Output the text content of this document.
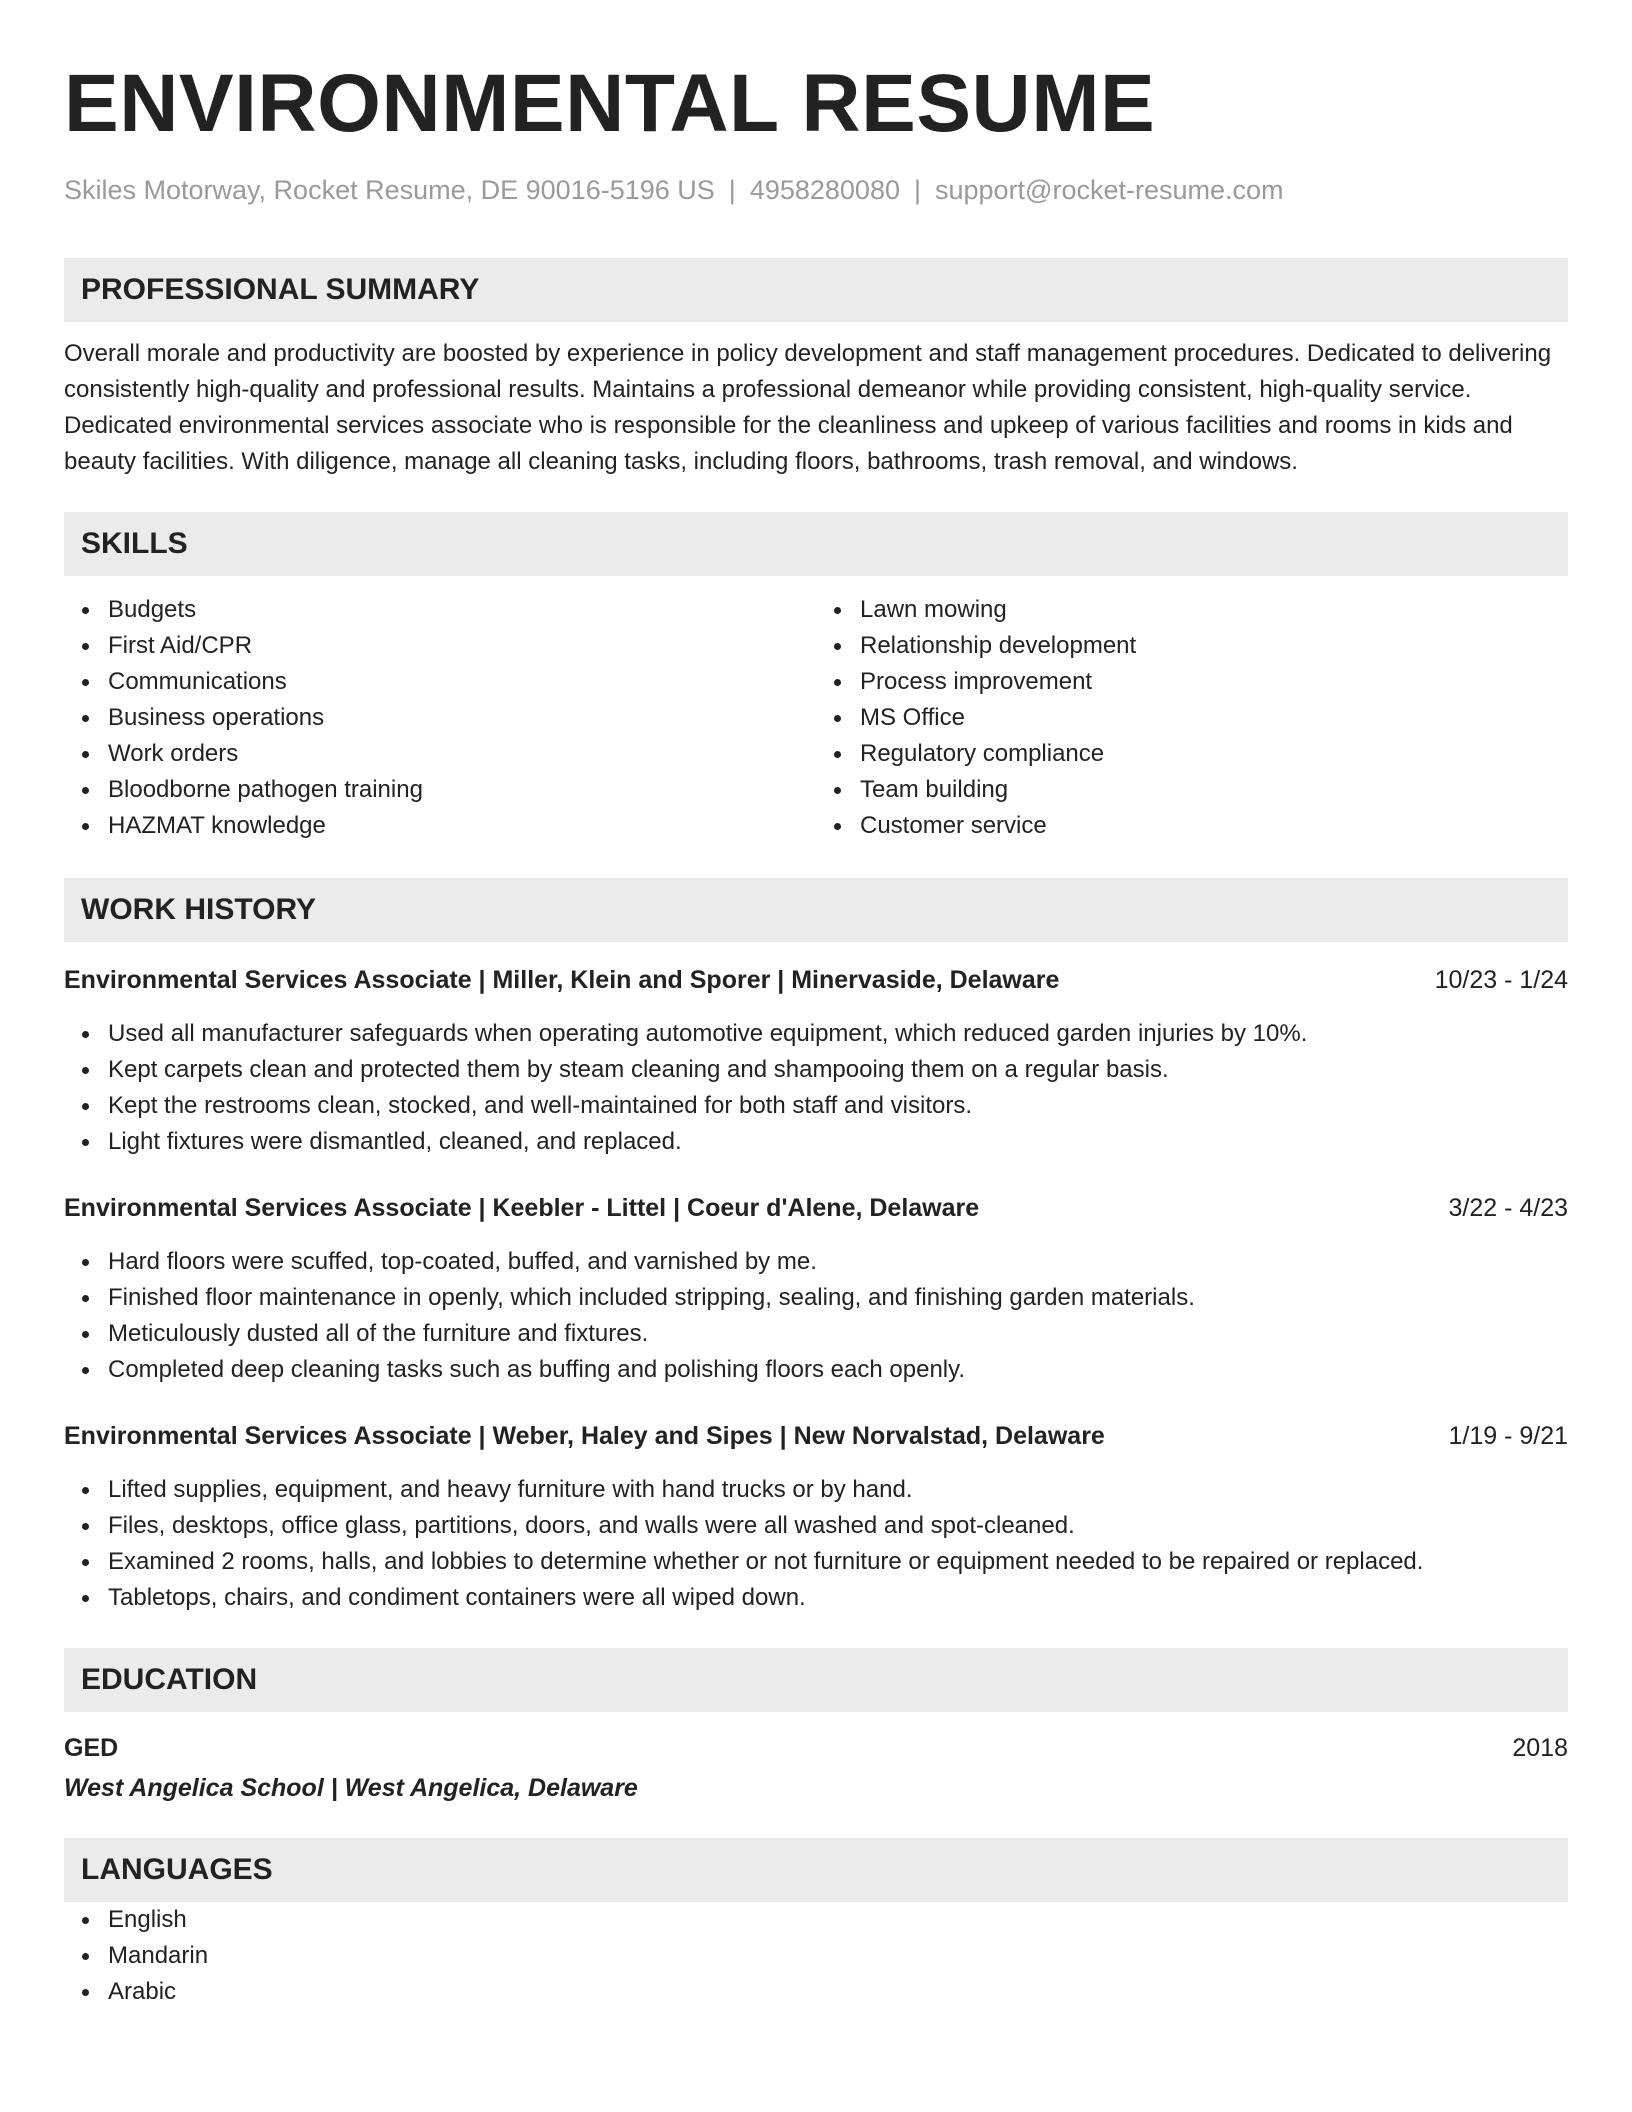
ENVIRONMENTAL RESUME
Skiles Motorway, Rocket Resume, DE 90016-5196 US | 4958280080 | support@rocket-resume.com
PROFESSIONAL SUMMARY
Overall morale and productivity are boosted by experience in policy development and staff management procedures. Dedicated to delivering consistently high-quality and professional results. Maintains a professional demeanor while providing consistent, high-quality service. Dedicated environmental services associate who is responsible for the cleanliness and upkeep of various facilities and rooms in kids and beauty facilities. With diligence, manage all cleaning tasks, including floors, bathrooms, trash removal, and windows.
SKILLS
Budgets
First Aid/CPR
Communications
Business operations
Work orders
Bloodborne pathogen training
HAZMAT knowledge
Lawn mowing
Relationship development
Process improvement
MS Office
Regulatory compliance
Team building
Customer service
WORK HISTORY
Environmental Services Associate | Miller, Klein and Sporer | Minervaside, Delaware	10/23 - 1/24
Used all manufacturer safeguards when operating automotive equipment, which reduced garden injuries by 10%.
Kept carpets clean and protected them by steam cleaning and shampooing them on a regular basis.
Kept the restrooms clean, stocked, and well-maintained for both staff and visitors.
Light fixtures were dismantled, cleaned, and replaced.
Environmental Services Associate | Keebler - Littel | Coeur d'Alene, Delaware	3/22 - 4/23
Hard floors were scuffed, top-coated, buffed, and varnished by me.
Finished floor maintenance in openly, which included stripping, sealing, and finishing garden materials.
Meticulously dusted all of the furniture and fixtures.
Completed deep cleaning tasks such as buffing and polishing floors each openly.
Environmental Services Associate | Weber, Haley and Sipes | New Norvalstad, Delaware	1/19 - 9/21
Lifted supplies, equipment, and heavy furniture with hand trucks or by hand.
Files, desktops, office glass, partitions, doors, and walls were all washed and spot-cleaned.
Examined 2 rooms, halls, and lobbies to determine whether or not furniture or equipment needed to be repaired or replaced.
Tabletops, chairs, and condiment containers were all wiped down.
EDUCATION
GED	2018
West Angelica School | West Angelica, Delaware
LANGUAGES
English
Mandarin
Arabic
